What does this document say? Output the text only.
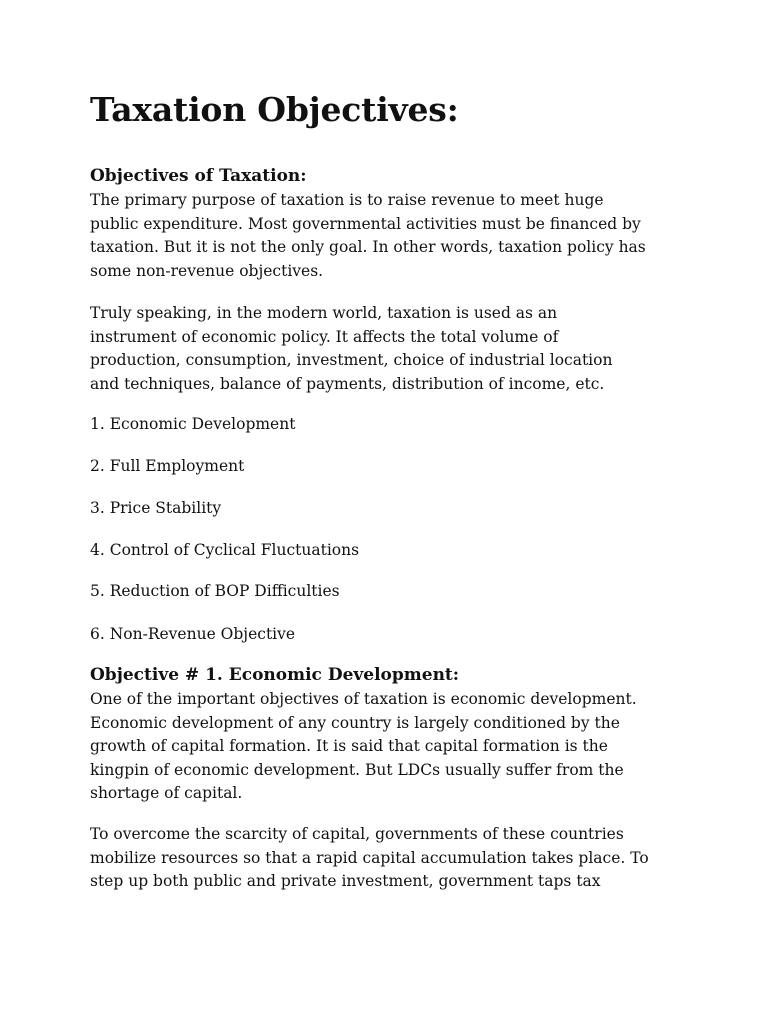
Taxation Objectives:
Objectives of Taxation:

The primary purpose of taxation is to raise revenue to meet huge
public expenditure. Most governmental activities must be financed by
taxation. But it is not the only goal. In other words, taxation policy has
some non-revenue objectives.

Truly speaking, in the modern world, taxation is used as an
instrument of economic policy. It affects the total volume of
production, consumption, investment, choice of industrial location
and techniques, balance of payments, distribution of income, etc.

1. Economic Development

2. Full Employment

3. Price Stability

4. Control of Cyclical Fluctuations

5. Reduction of BOP Difficulties

6. Non-Revenue Objective

Objective # 1. Economic Development:

One of the important objectives of taxation is economic development.
Economic development of any country is largely conditioned by the
growth of capital formation. It is said that capital formation is the
kingpin of economic development. But LDCs usually suffer from the
shortage of capital.

To overcome the scarcity of capital, governments of these countries
mobilize resources so that a rapid capital accumulation takes place. To
step up both public and private investment, government taps tax
